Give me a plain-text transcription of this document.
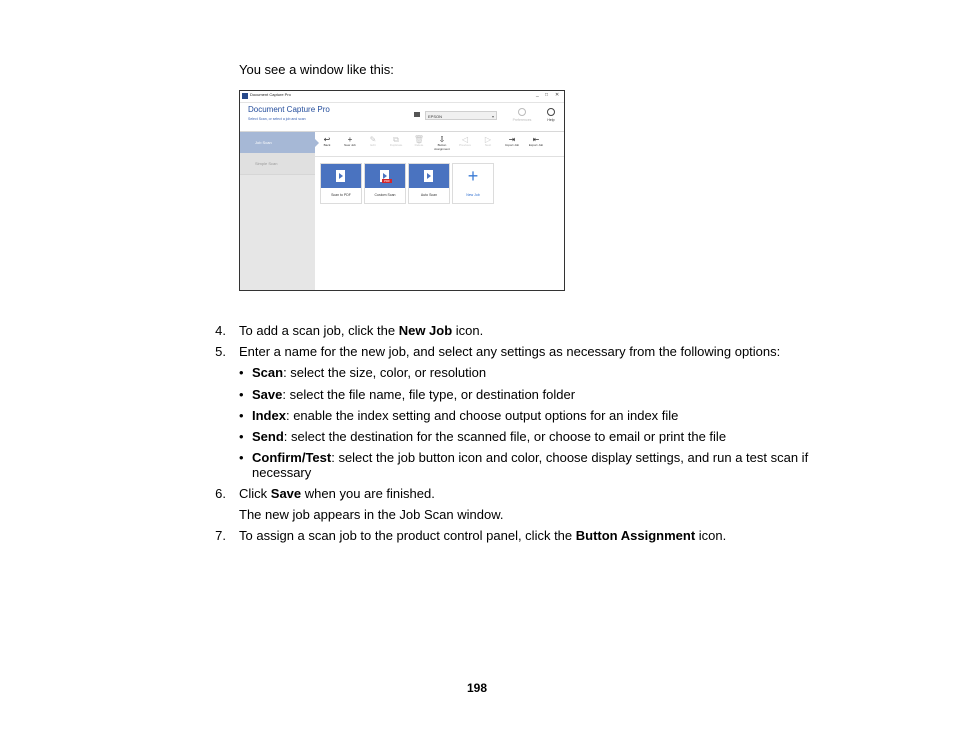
You see a window like this:
Document Capture Pro	_ □ ✕
Document Capture Pro
Select Scan, or select a job and scan	EPSON	▾
Preferences	Help
Job Scan
Simple Scan
↩
Back
+
New Job
✎
Edit
⧉
Duplicate
🗑
Delete
⇩
Button Assignment
◁
Previous
▷
Next
⇥
Import Job
⇤
Export Job
Scan to PDF
PDF
Custom Scan	Auto Scan
+
New Job
4. To add a scan job, click the New Job icon.
5. Enter a name for the new job, and select any settings as necessary from the following options:
• Scan: select the size, color, or resolution
• Save: select the file name, file type, or destination folder
• Index: enable the index setting and choose output options for an index file
• Send: select the destination for the scanned file, or choose to email or print the file
• Confirm/Test: select the job button icon and color, choose display settings, and run a test scan if
necessary
6. Click Save when you are finished.
The new job appears in the Job Scan window.
7. To assign a scan job to the product control panel, click the Button Assignment icon.
198
